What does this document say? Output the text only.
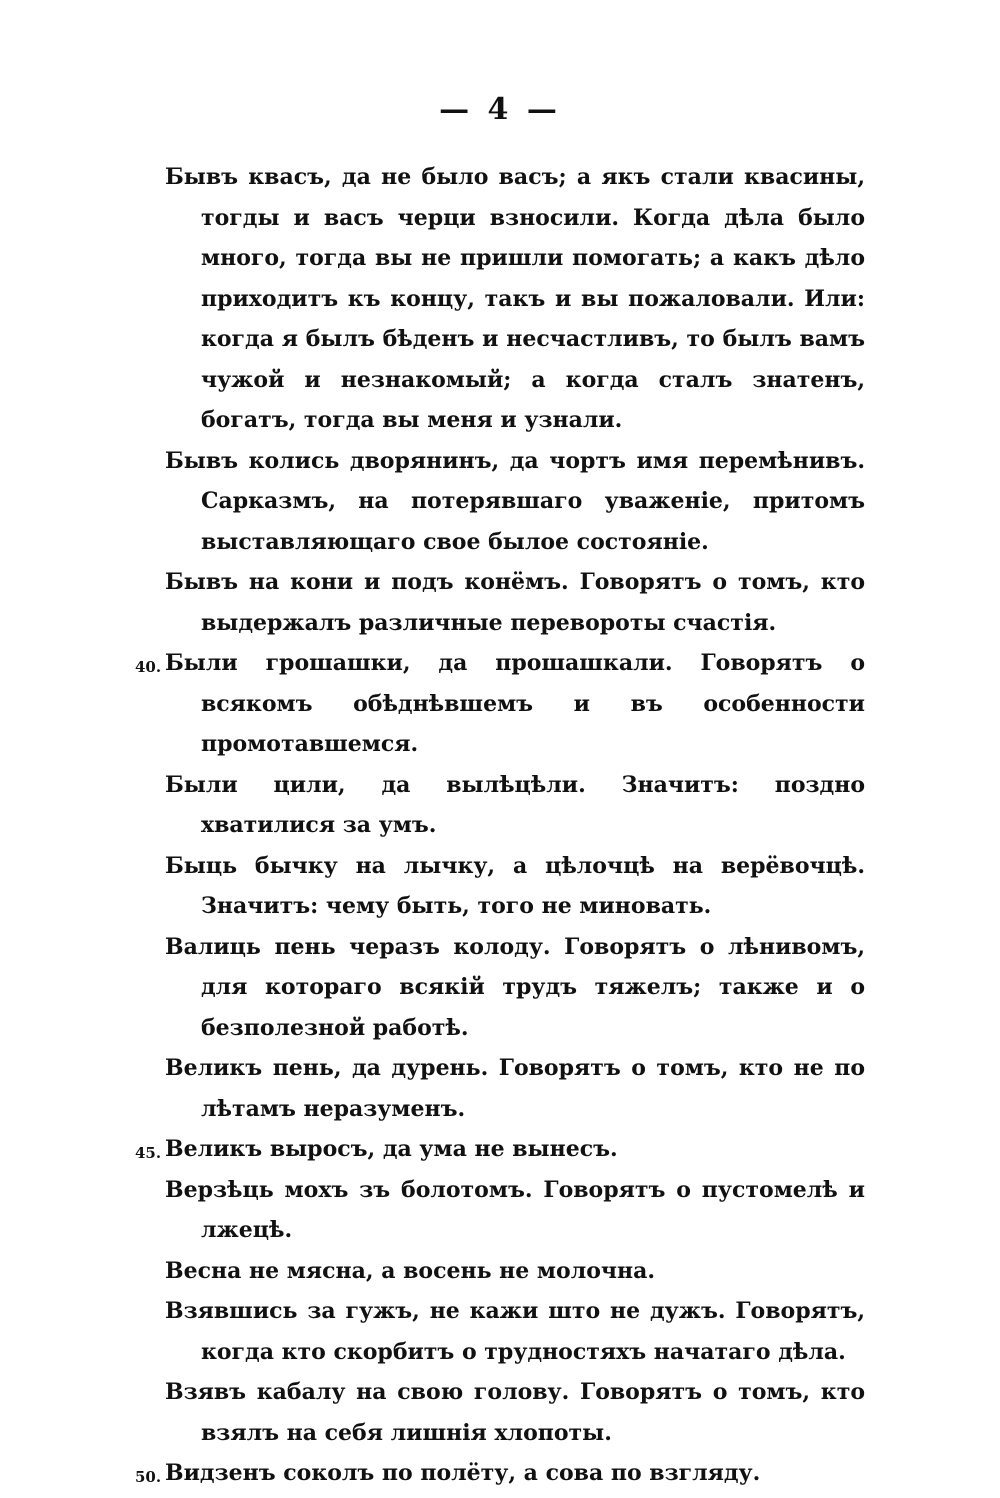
— 4 —

Бывъ квасъ, да не было васъ; а якъ стали квасины, тогды и васъ черци взносили. Когда дѣла было много, тогда вы не пришли помогать; а какъ дѣло приходитъ къ концу, такъ и вы пожаловали. Или: когда я былъ бѣденъ и несчастливъ, то былъ вамъ чужой и незнакомый; а когда сталъ знатенъ, богатъ, тогда вы меня и узнали.

Бывъ колись дворянинъ, да чортъ имя перемѣнивъ. Сарказмъ, на потерявшаго уваженіе, притомъ выставляющаго свое былое состояніе.

Бывъ на кони и подъ конёмъ. Говорятъ о томъ, кто выдержалъ различные перевороты счастія.

40. Были грошашки, да прошашкали. Говорятъ о всякомъ обѣднѣвшемъ и въ особенности промотавшемся.

Были цили, да вылѣцѣли. Значитъ: поздно хватилися за умъ.

Быць бычку на лычку, а цѣлочцѣ на верёвочцѣ. Значитъ: чему быть, того не миновать.

Валиць пень черазъ колоду. Говорятъ о лѣнивомъ, для котораго всякій трудъ тяжелъ; также и о безполезной работѣ.

Великъ пень, да дурень. Говорятъ о томъ, кто не по лѣтамъ неразуменъ.

45. Великъ выросъ, да ума не вынесъ.

Верзѣць мохъ зъ болотомъ. Говорятъ о пустомелѣ и лжецѣ.

Весна не мясна, а восень не молочна.

Взявшись за гужъ, не кажи што не дужъ. Говорятъ, когда кто скорбитъ о трудностяхъ начатаго дѣла.

Взявъ кабалу на свою голову. Говорятъ о томъ, кто взялъ на себя лишнія хлопоты.

50. Видзенъ соколъ по полёту, а сова по взгляду.
